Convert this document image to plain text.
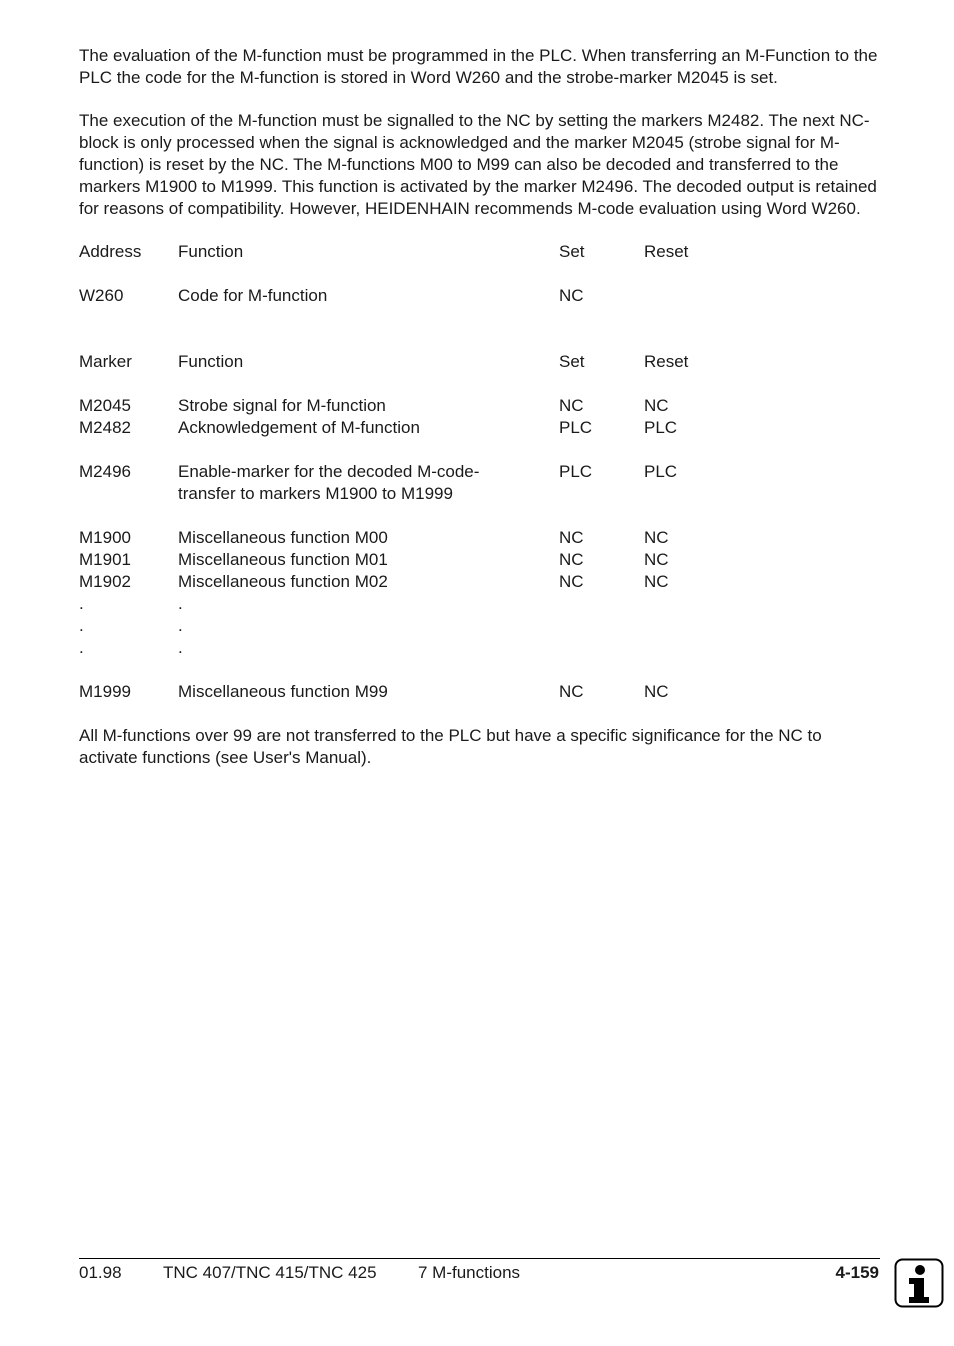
The evaluation of the M-function must be programmed in the PLC. When transferring an M-Function to the PLC the code for the M-function is stored in Word W260 and the strobe-marker M2045 is set.

The execution of the M-function must be signalled to the NC by setting the markers M2482. The next NC-block is only processed when the signal is acknowledged and the marker M2045 (strobe signal for M-function) is reset by the NC. The M-functions M00 to M99 can also be decoded and transferred to the markers M1900 to M1999. This function is activated by the marker M2496. The decoded output is retained for reasons of compatibility. However, HEIDENHAIN recommends M-code evaluation using Word W260.

Address	Function	Set	Reset
W260	Code for M-function	NC
Marker	Function	Set	Reset
M2045	Strobe signal for M-function	NC	NC
M2482	Acknowledgement of M-function	PLC	PLC
M2496	Enable-marker for the decoded M-code-	PLC	PLC
transfer to markers M1900 to M1999
M1900	Miscellaneous function M00	NC	NC
M1901	Miscellaneous function M01	NC	NC
M1902	Miscellaneous function M02	NC	NC
.	.
.	.
.	.
M1999	Miscellaneous function M99	NC	NC

All M-functions over 99 are not transferred to the PLC but have a specific significance for the NC to activate functions (see User's Manual).

01.98 TNC 407/TNC 415/TNC 425 7 M-functions	4-159
